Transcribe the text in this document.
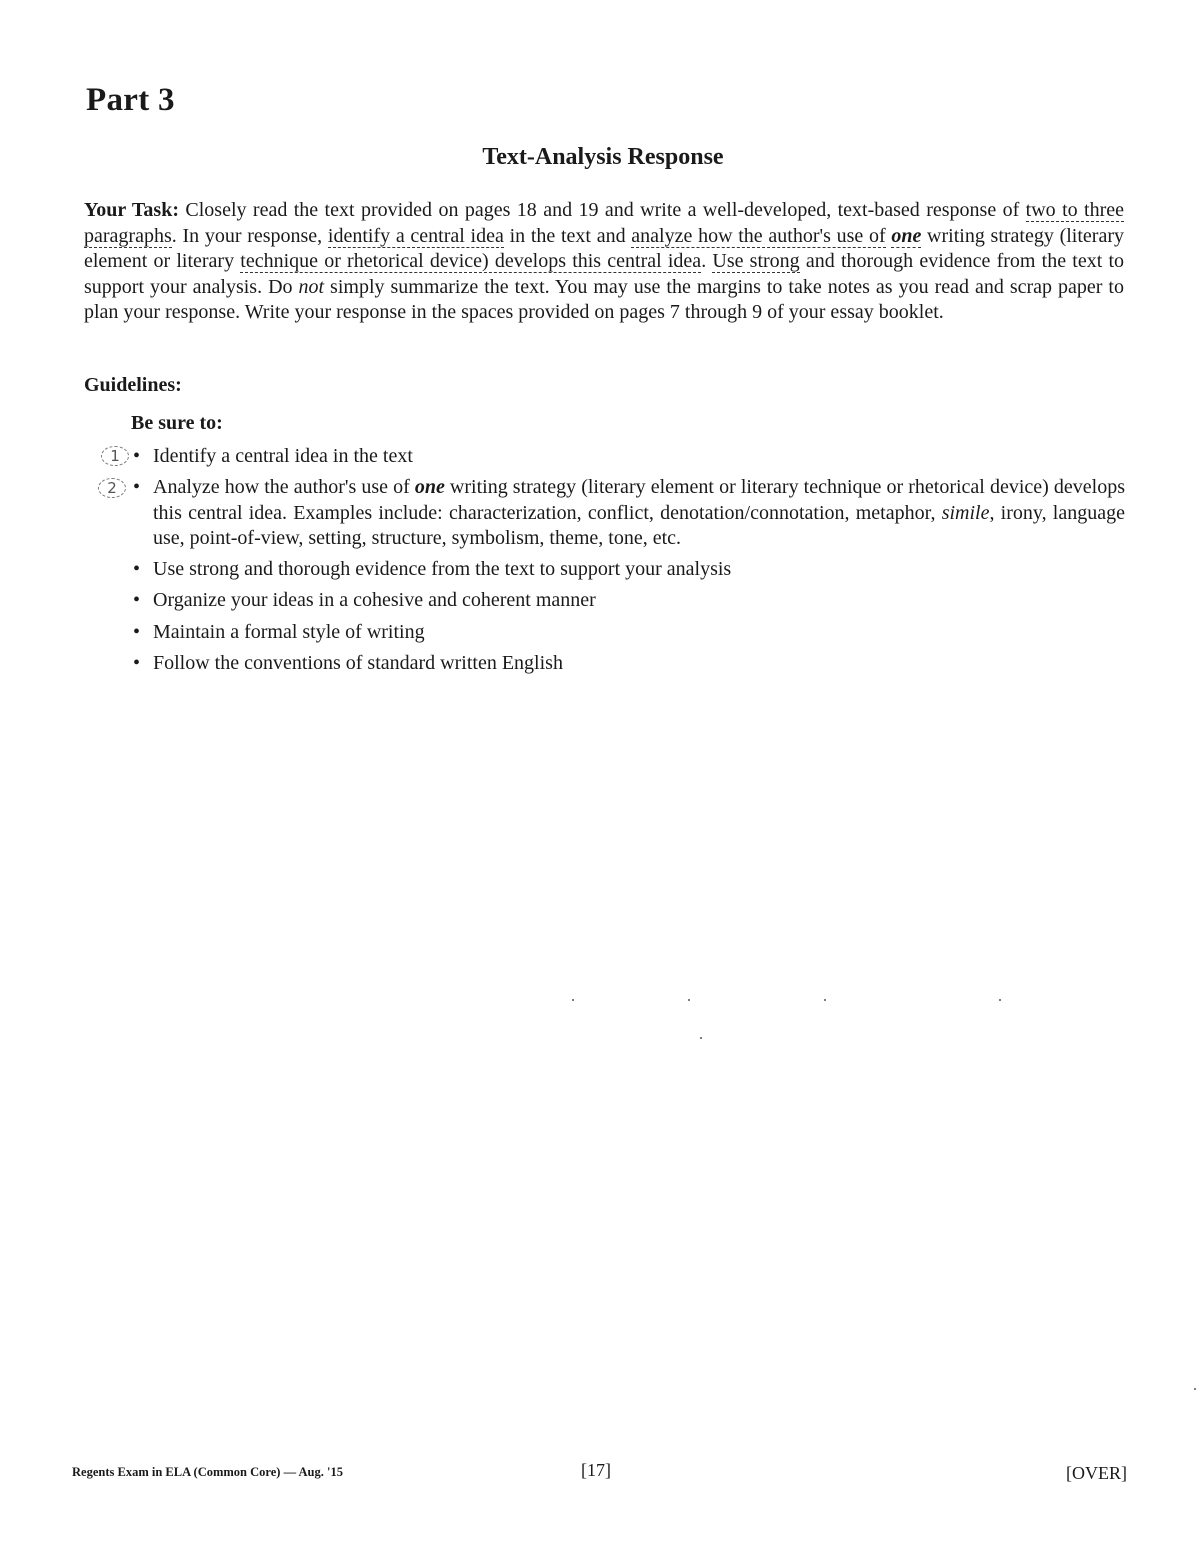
Part 3
Text-Analysis Response

Your Task: Closely read the text provided on pages 18 and 19 and write a well-developed, text-based response of two to three paragraphs. In your response, identify a central idea in the text and analyze how the author's use of one writing strategy (literary element or literary technique or rhetorical device) develops this central idea. Use strong and thorough evidence from the text to support your analysis. Do not simply summarize the text. You may use the margins to take notes as you read and scrap paper to plan your response. Write your response in the spaces provided on pages 7 through 9 of your essay booklet.

Guidelines:

Be sure to:

1
2
• Identify a central idea in the text
• Analyze how the author's use of one writing strategy (literary element or literary technique or rhetorical device) develops this central idea. Examples include: characterization, conflict, denotation/connotation, metaphor, simile, irony, language use, point-of-view, setting, structure, symbolism, theme, tone, etc.
• Use strong and thorough evidence from the text to support your analysis
• Organize your ideas in a cohesive and coherent manner
• Maintain a formal style of writing
• Follow the conventions of standard written English

Regents Exam in ELA (Common Core) — Aug. '15	[17]	[OVER]
